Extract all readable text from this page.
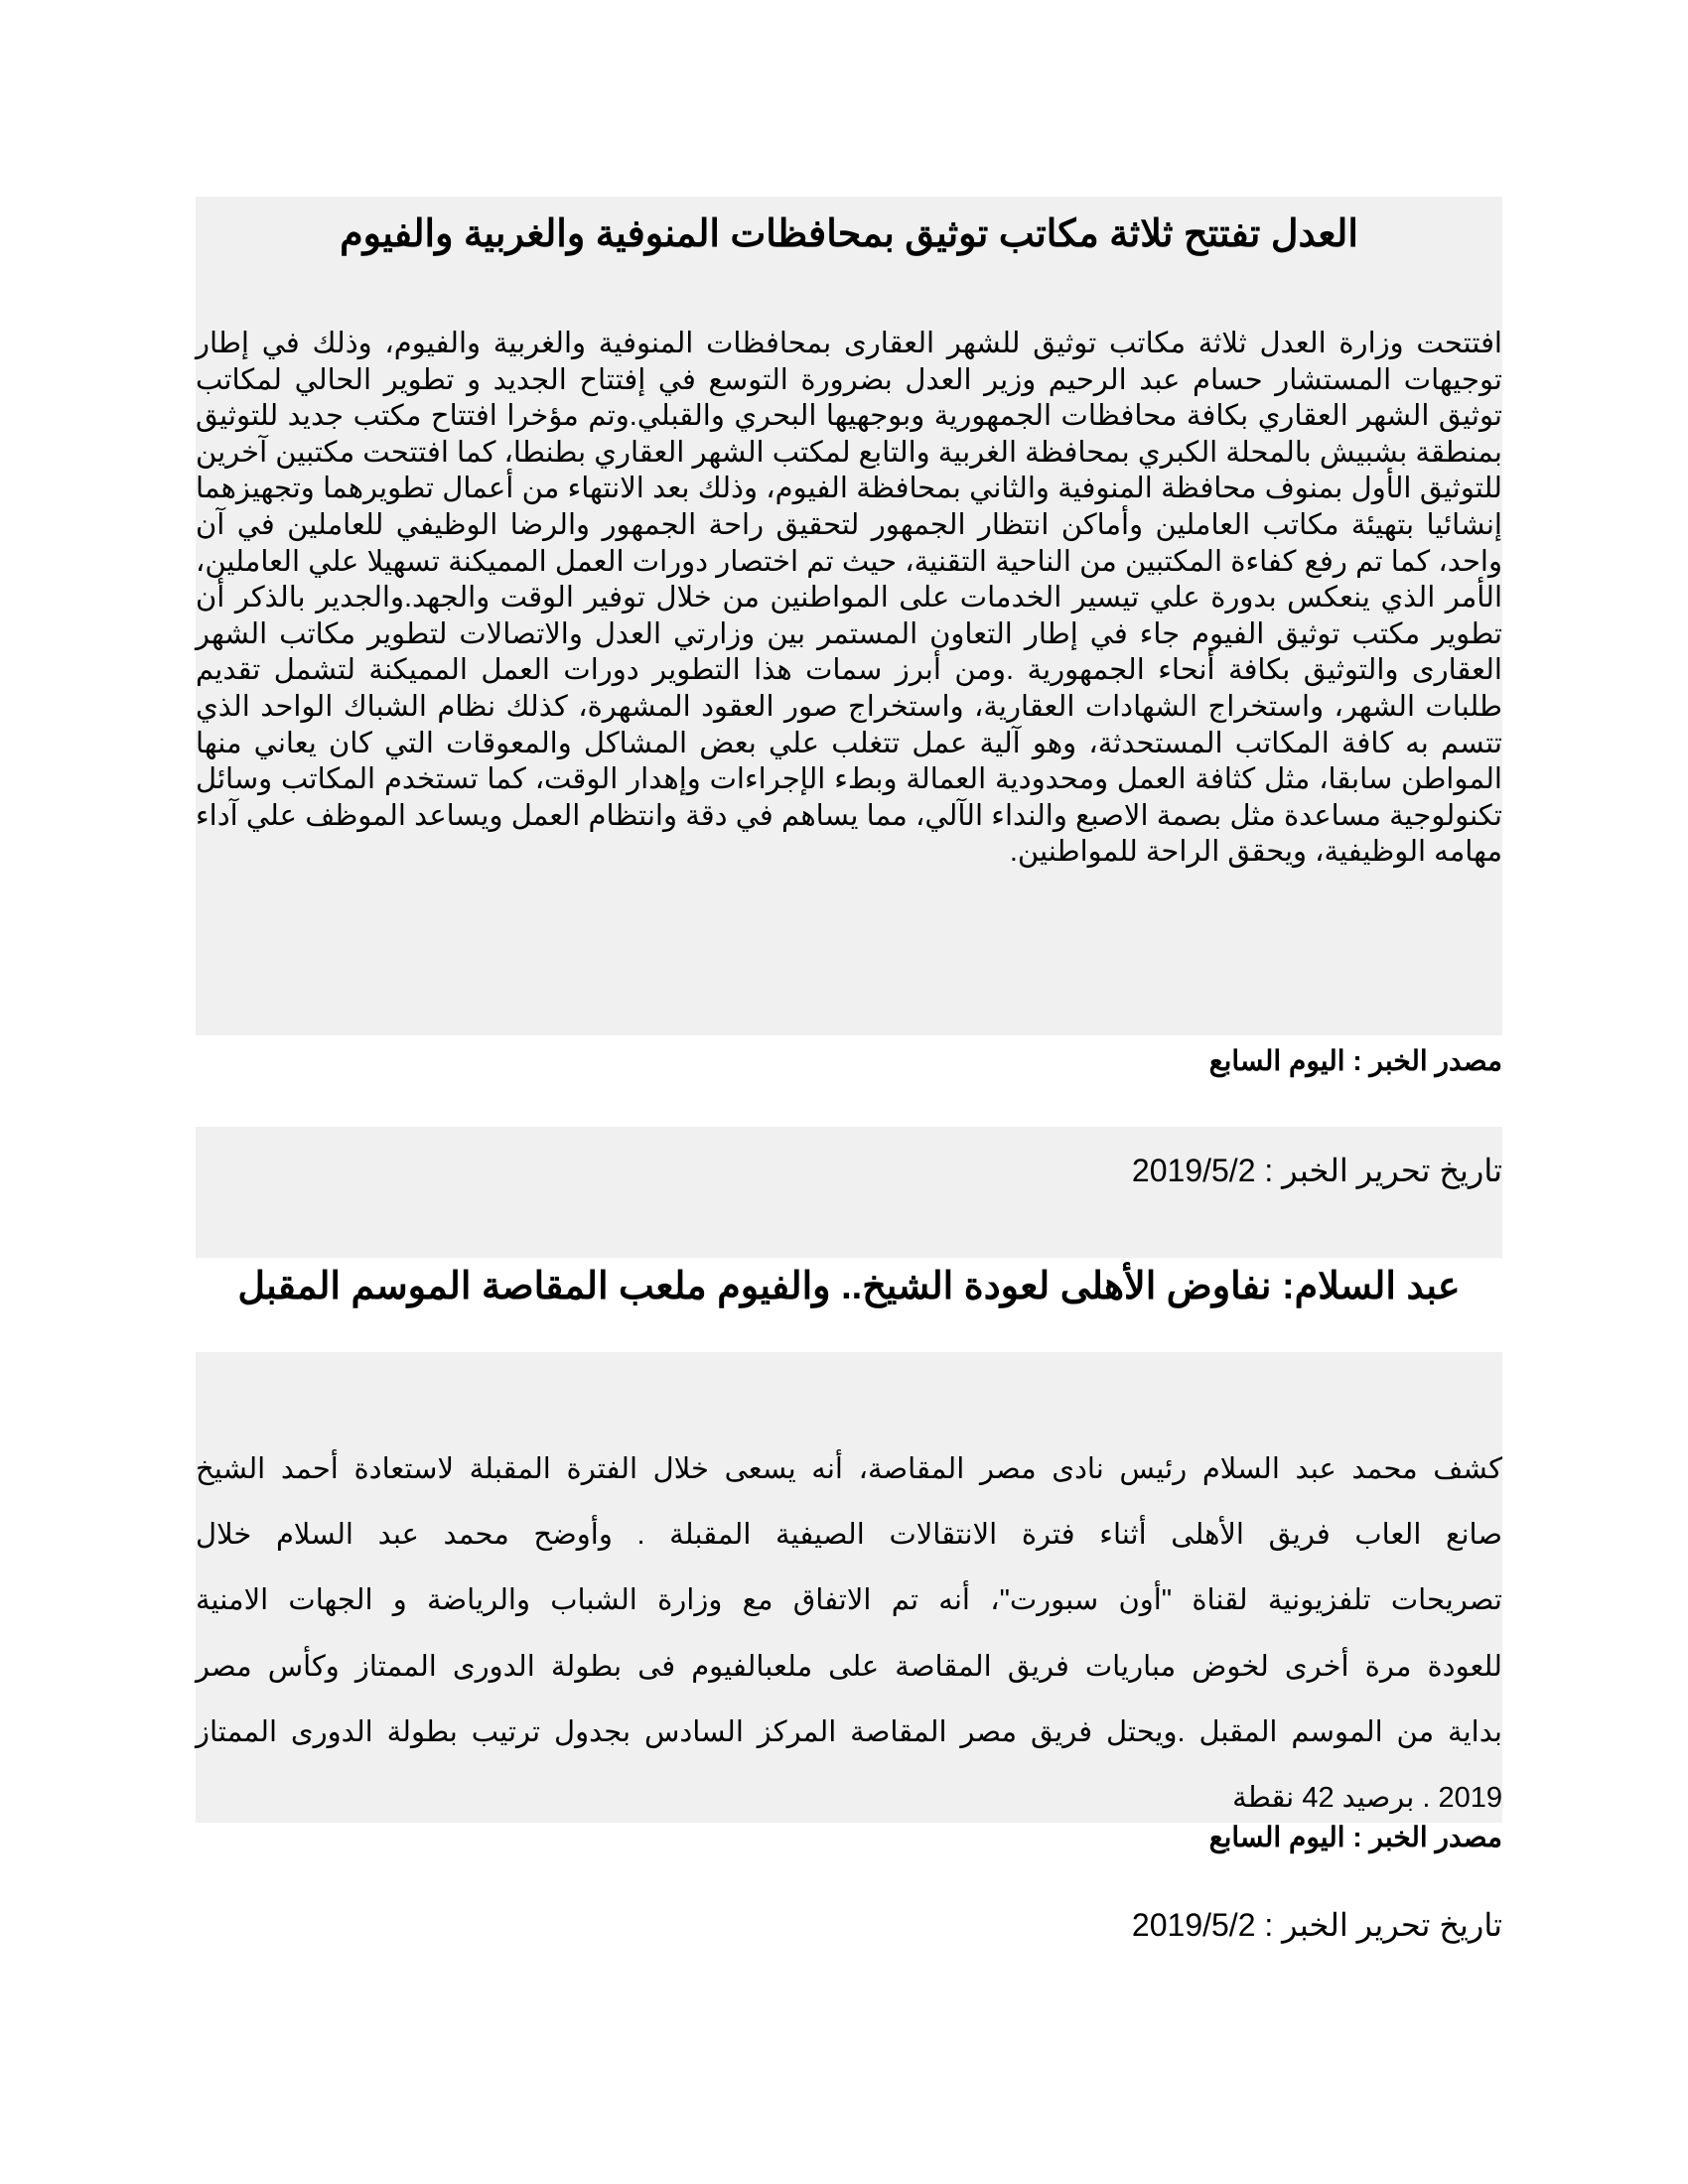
العدل تفتتح ثلاثة مكاتب توثيق بمحافظات المنوفية والغربية والفيوم
افتتحت وزارة العدل ثلاثة مكاتب توثيق للشهر العقارى بمحافظات المنوفية والغربية والفيوم، وذلك في إطار توجيهات المستشار حسام عبد الرحيم وزير العدل بضرورة التوسع في إفتتاح الجديد و تطوير الحالي لمكاتب توثيق الشهر العقاري بكافة محافظات الجمهورية وبوجهيها البحري والقبلي.وتم مؤخرا افتتاح مكتب جديد للتوثيق بمنطقة بشبيش بالمحلة الكبري بمحافظة الغربية والتابع لمكتب الشهر العقاري بطنطا، كما افتتحت مكتبين آخرين للتوثيق الأول بمنوف محافظة المنوفية والثاني بمحافظة الفيوم، وذلك بعد الانتهاء من أعمال تطويرهما وتجهيزهما إنشائيا بتهيئة مكاتب العاملين وأماكن انتظار الجمهور لتحقيق راحة الجمهور والرضا الوظيفي للعاملين في آن واحد، كما تم رفع كفاءة المكتبين من الناحية التقنية، حيث تم اختصار دورات العمل المميكنة تسهيلا علي العاملين، الأمر الذي ينعكس بدورة علي تيسير الخدمات على المواطنين من خلال توفير الوقت والجهد.والجدير بالذكر أن تطوير مكتب توثيق الفيوم جاء في إطار التعاون المستمر بين وزارتي العدل والاتصالات لتطوير مكاتب الشهر العقارى والتوثيق بكافة أنحاء الجمهورية .ومن أبرز سمات هذا التطوير دورات العمل المميكنة لتشمل تقديم طلبات الشهر، واستخراج الشهادات العقارية، واستخراج صور العقود المشهرة، كذلك نظام الشباك الواحد الذي تتسم به كافة المكاتب المستحدثة، وهو آلية عمل تتغلب علي بعض المشاكل والمعوقات التي كان يعاني منها المواطن سابقا، مثل كثافة العمل ومحدودية العمالة وبطء الإجراءات وإهدار الوقت، كما تستخدم المكاتب وسائل تكنولوجية مساعدة مثل بصمة الاصبع والنداء الآلي، مما يساهم في دقة وانتظام العمل ويساعد الموظف علي آداء مهامه الوظيفية، ويحقق الراحة للمواطنين.
مصدر الخبر : اليوم السابع
تاريخ تحرير الخبر : 2019/5/2
عبد السلام: نفاوض الأهلى لعودة الشيخ.. والفيوم ملعب المقاصة الموسم المقبل
كشف محمد عبد السلام رئيس نادى مصر المقاصة، أنه يسعى خلال الفترة المقبلة لاستعادة أحمد الشيخ
صانع العاب فريق الأهلى أثناء فترة الانتقالات الصيفية المقبلة . وأوضح محمد عبد السلام خلال
تصريحات تلفزيونية لقناة "أون سبورت"، أنه تم الاتفاق مع وزارة الشباب والرياضة و الجهات الامنية
للعودة مرة أخرى لخوض مباريات فريق المقاصة على ملعبالفيوم فى بطولة الدورى الممتاز وكأس مصر
بداية من الموسم المقبل .ويحتل فريق مصر المقاصة المركز السادس بجدول ترتيب بطولة الدورى الممتاز
2019 . برصيد 42 نقطة
مصدر الخبر : اليوم السابع
تاريخ تحرير الخبر : 2019/5/2
